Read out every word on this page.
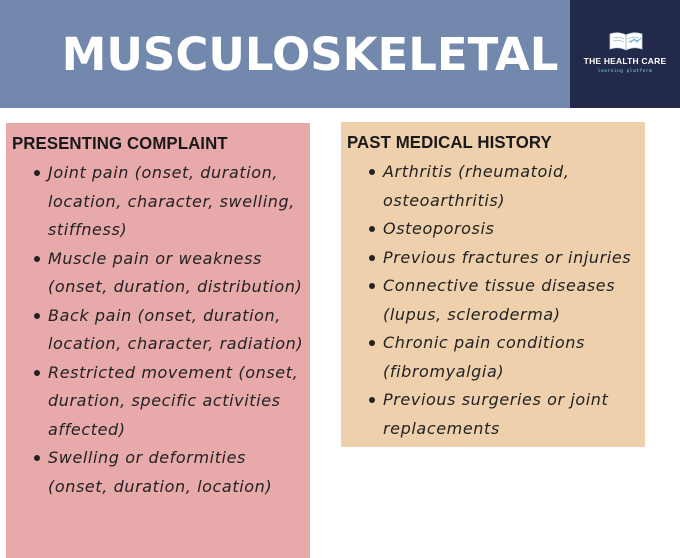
MUSCULOSKELETAL	THE HEALTH CARE
learning platform
PRESENTING COMPLAINT
Joint pain (onset, duration, location, character, swelling, stiffness)
Muscle pain or weakness (onset, duration, distribution)
Back pain (onset, duration, location, character, radiation)
Restricted movement (onset, duration, specific activities affected)
Swelling or deformities (onset, duration, location)
PAST MEDICAL HISTORY
Arthritis (rheumatoid, osteoarthritis)
Osteoporosis
Previous fractures or injuries
Connective tissue diseases (lupus, scleroderma)
Chronic pain conditions (fibromyalgia)
Previous surgeries or joint replacements
